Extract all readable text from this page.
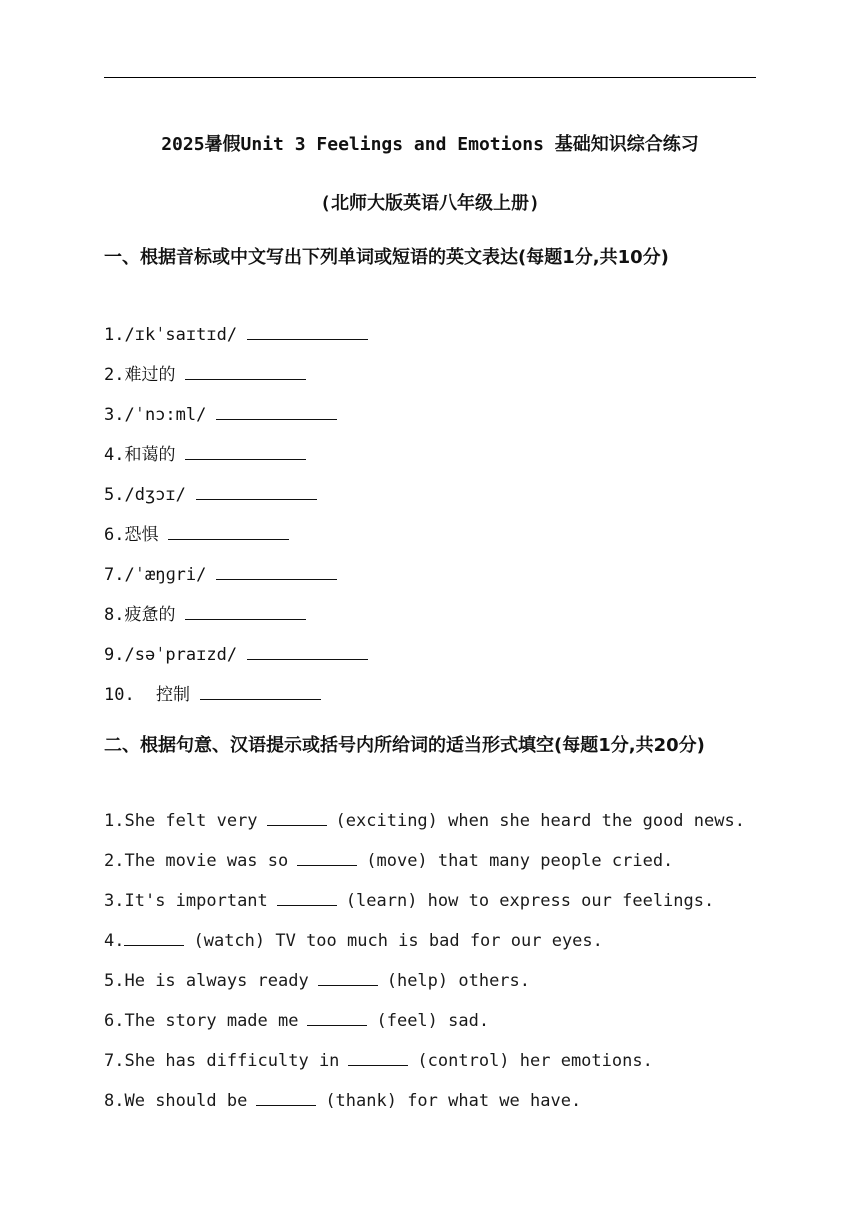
2025暑假Unit 3 Feelings and Emotions 基础知识综合练习
(北师大版英语八年级上册)
一、根据音标或中文写出下列单词或短语的英文表达(每题1分,共10分)
1./ɪkˈsaɪtɪd/
2.难过的
3./ˈnɔ:ml/
4.和蔼的
5./dʒɔɪ/
6.恐惧
7./ˈæŋɡri/
8.疲惫的
9./səˈpraɪzd/
10. 控制
二、根据句意、汉语提示或括号内所给词的适当形式填空(每题1分,共20分)
1.She felt very	(exciting) when she heard the good news.
2.The movie was so	(move) that many people cried.
3.It's important	(learn) how to express our feelings.
4.	(watch) TV too much is bad for our eyes.
5.He is always ready	(help) others.
6.The story made me	(feel) sad.
7.She has difficulty in	(control) her emotions.
8.We should be	(thank) for what we have.
